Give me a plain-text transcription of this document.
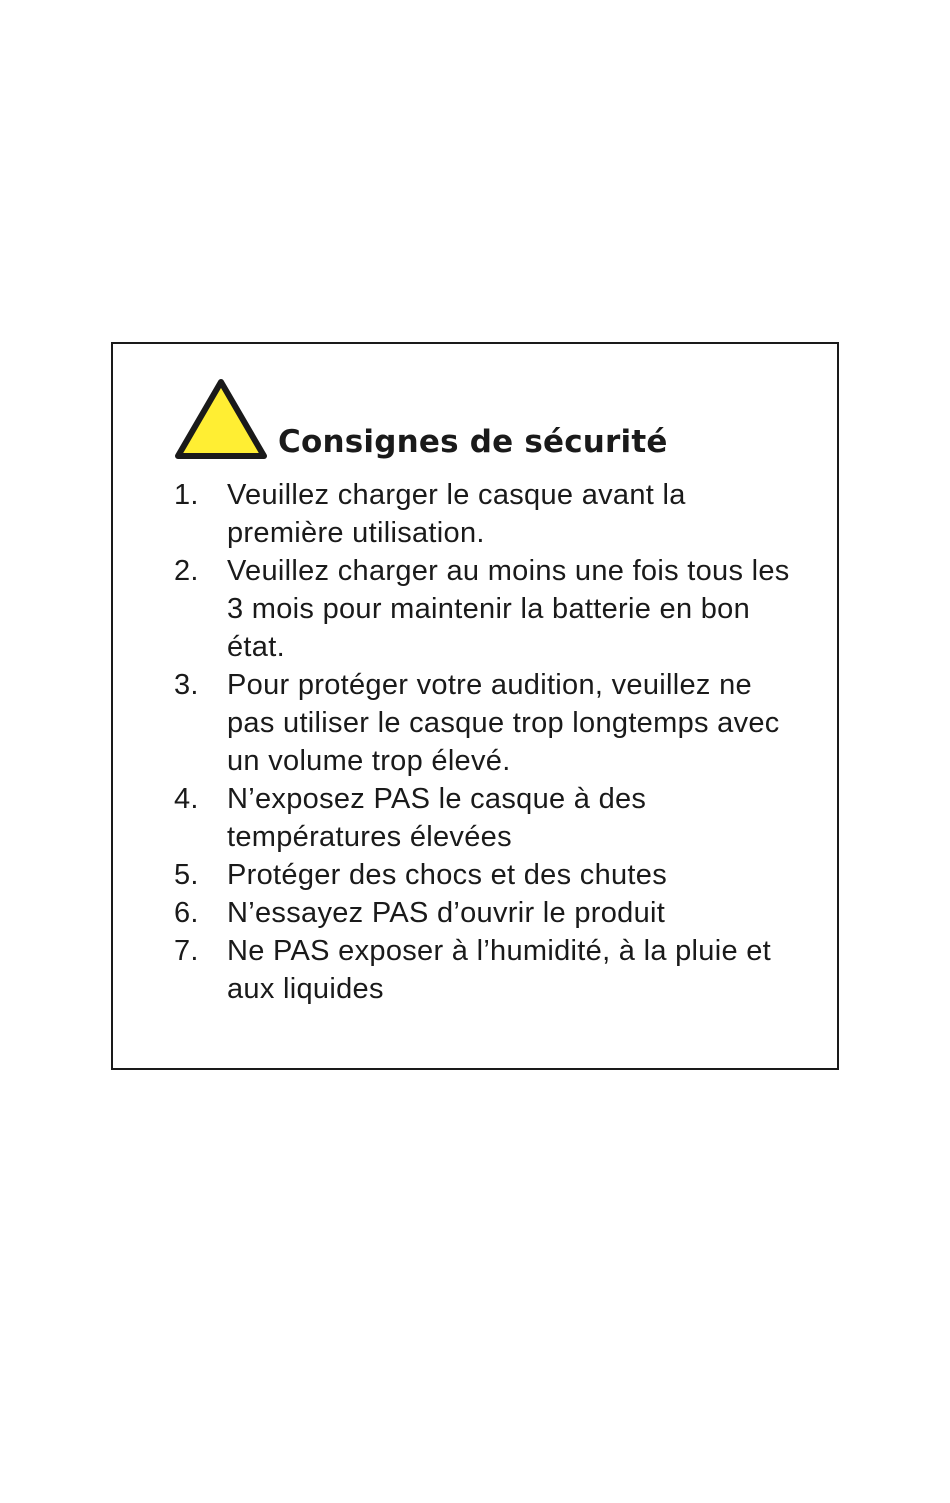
Consignes de sécurité
1. Veuillez charger le casque avant la première utilisation.
2. Veuillez charger au moins une fois tous les 3 mois pour maintenir la batterie en bon état.
3. Pour protéger votre audition, veuillez ne pas utiliser le casque trop longtemps avec un volume trop élevé.
4. N’exposez PAS le casque à des températures élevées
5. Protéger des chocs et des chutes
6. N’essayez PAS d’ouvrir le produit
7. Ne PAS exposer à l’humidité, à la pluie et aux liquides
